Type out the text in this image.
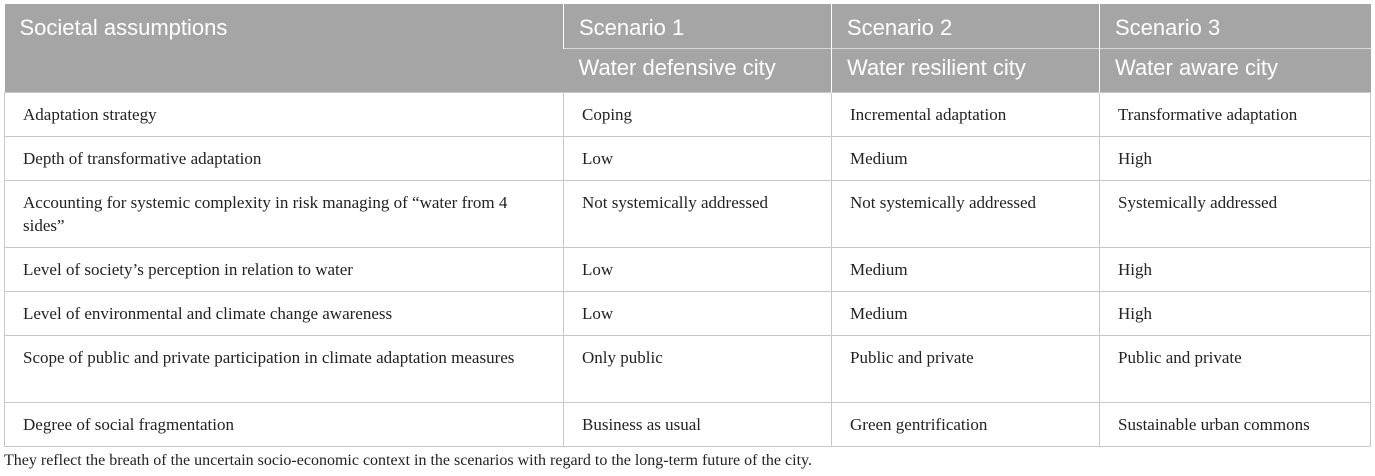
Societal assumptions	Scenario 1	Scenario 2	Scenario 3
	Water defensive city	Water resilient city	Water aware city
Adaptation strategy	Coping	Incremental adaptation	Transformative adaptation
Depth of transformative adaptation	Low	Medium	High
Accounting for systemic complexity in risk managing of “water from 4 sides”	Not systemically addressed	Not systemically addressed	Systemically addressed
Level of society’s perception in relation to water	Low	Medium	High
Level of environmental and climate change awareness	Low	Medium	High
Scope of public and private participation in climate adaptation measures	Only public	Public and private	Public and private
Degree of social fragmentation	Business as usual	Green gentrification	Sustainable urban commons
They reflect the breath of the uncertain socio-economic context in the scenarios with regard to the long-term future of the city.
